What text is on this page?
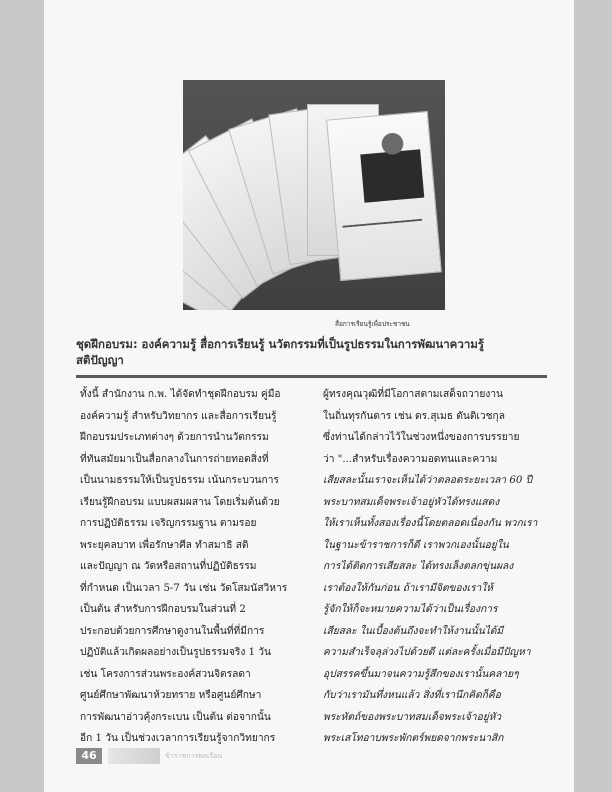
สื่อการเรียนรู้เพื่อประชาชน
ชุดฝึกอบรม: องค์ความรู้ สื่อการเรียนรู้ นวัตกรรมที่เป็นรูปธรรมในการพัฒนาความรู้
สติปัญญา
ทั้งนี้ สำนักงาน ก.พ. ได้จัดทำชุดฝึกอบรม คู่มือ
องค์ความรู้ สำหรับวิทยากร และสื่อการเรียนรู้
ฝึกอบรมประเภทต่างๆ ด้วยการนำนวัตกรรม
ที่ทันสมัยมาเป็นสื่อกลางในการถ่ายทอดสิ่งที่
เป็นนามธรรมให้เป็นรูปธรรม เน้นกระบวนการ
เรียนรู้ฝึกอบรม แบบผสมผสาน โดยเริ่มต้นด้วย
การปฏิบัติธรรม เจริญกรรมฐาน ตามรอย
พระยุคลบาท เพื่อรักษาศีล ทำสมาธิ สติ
และปัญญา ณ วัดหรือสถานที่ปฏิบัติธรรม
ที่กำหนด เป็นเวลา 5-7 วัน เช่น วัดโสมนัสวิหาร
เป็นต้น สำหรับการฝึกอบรมในส่วนที่ 2
ประกอบด้วยการศึกษาดูงานในพื้นที่ที่มีการ
ปฏิบัติแล้วเกิดผลอย่างเป็นรูปธรรมจริง 1 วัน
เช่น โครงการส่วนพระองค์สวนจิตรลดา
ศูนย์ศึกษาพัฒนาห้วยทราย หรือศูนย์ศึกษา
การพัฒนาอ่าวคุ้งกระเบน เป็นต้น ต่อจากนั้น
อีก 1 วัน เป็นช่วงเวลาการเรียนรู้จากวิทยากร
ผู้ทรงคุณวุฒิที่มีโอกาสตามเสด็จถวายงาน
ในถิ่นทุรกันดาร เช่น ดร.สุเมธ ตันติเวชกุล
ซึ่งท่านได้กล่าวไว้ในช่วงหนึ่งของการบรรยาย
ว่า "...สำหรับเรื่องความอดทนและความ
เสียสละนั้นเราจะเห็นได้ว่าตลอดระยะเวลา 60 ปี
พระบาทสมเด็จพระเจ้าอยู่หัวได้ทรงแสดง
ให้เราเห็นทั้งสองเรื่องนี้โดยตลอดเนื่องกัน พวกเรา
ในฐานะข้าราชการก็ดี เราพวกเองนั้นอยู่ใน
การได้ติดการเสียสละ ได้ทรงเล็งตลกขุ่นผลง
เราต้องให้กันก่อน ถ้าเรามีจิตของเราให้
รู้จักให้ก็จะหมายความได้ว่าเป็นเรื่องการ
เสียสละ ในเบื้องต้นถึงจะทำให้งานนั้นได้มี
ความสำเร็จลุล่วงไปด้วยดี แต่ละครั้งเมื่อมีปัญหา
อุปสรรคขึ้นมาจนความรู้สึกของเรานั้นคลายๆ
กับว่าเรามันทึ่งหนแล้ว สิ่งที่เรานึกคิดก็คือ
พระหัตถ์ของพระบาทสมเด็จพระเจ้าอยู่หัว
พระเสโทอาบพระพักตร์พยดจากพระนาสิก
46	ข้าราชการพลเรือน
